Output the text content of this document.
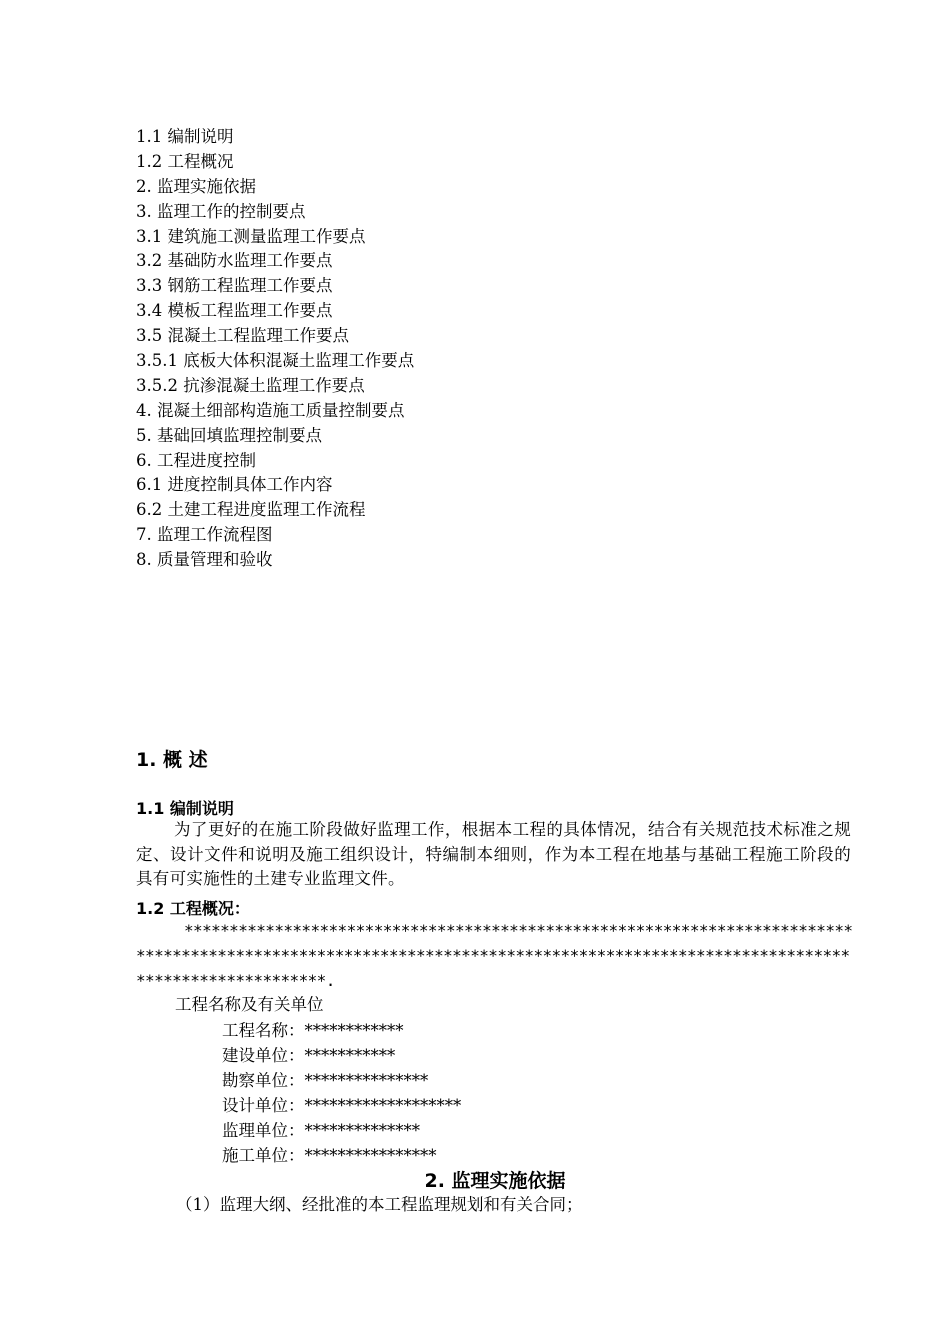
1.1 编制说明
1.2 工程概况
2. 监理实施依据
3. 监理工作的控制要点
3.1 建筑施工测量监理工作要点
3.2 基础防水监理工作要点
3.3 钢筋工程监理工作要点
3.4 模板工程监理工作要点
3.5 混凝土工程监理工作要点
3.5.1 底板大体积混凝土监理工作要点
3.5.2 抗渗混凝土监理工作要点
4. 混凝土细部构造施工质量控制要点
5. 基础回填监理控制要点
6. 工程进度控制
6.1 进度控制具体工作内容
6.2 土建工程进度监理工作流程
7. 监理工作流程图
8. 质量管理和验收
1. 概 述
1.1 编制说明
为了更好的在施工阶段做好监理工作，根据本工程的具体情况，结合有关规范技术标准之规定、设计文件和说明及施工组织设计，特编制本细则，作为本工程在地基与基础工程施工阶段的具有可实施性的土建专业监理文件。
1.2 工程概况：
******************************************************************************************************************************************************************************.
工程名称及有关单位
工程名称：************
建设单位：***********
勘察单位：***************
设计单位：*******************
监理单位：**************
施工单位：****************
2. 监理实施依据
（1）监理大纲、经批准的本工程监理规划和有关合同；
